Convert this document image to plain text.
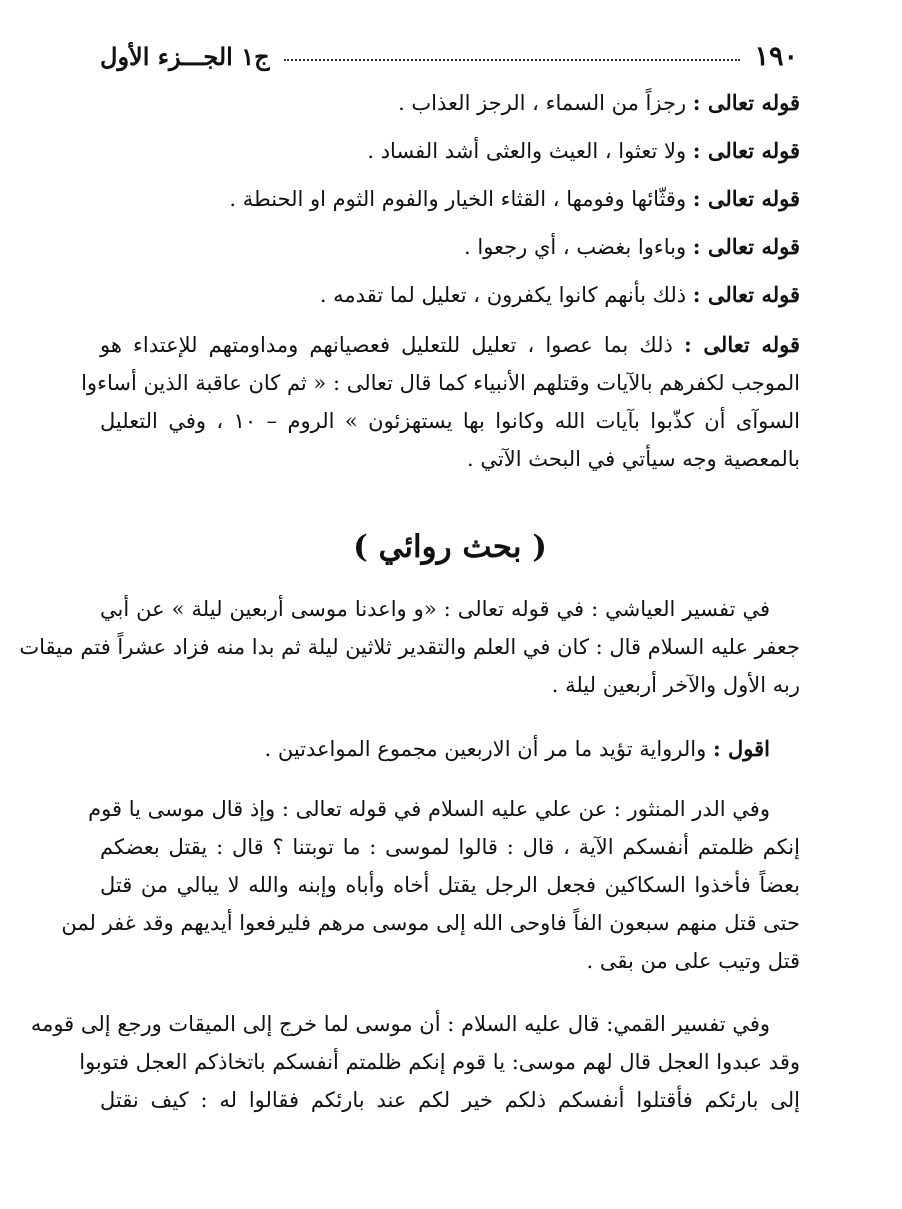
١٩٠
ج١ الجـــزء الأول
قوله تعالى : رجزاً من السماء ، الرجز العذاب .
قوله تعالى : ولا تعثوا ، العيث والعثى أشد الفساد .
قوله تعالى : وقثّائها وفومها ، القثاء الخيار والفوم الثوم او الحنطة .
قوله تعالى : وباءوا بغضب ، أي رجعوا .
قوله تعالى : ذلك بأنهم كانوا يكفرون ، تعليل لما تقدمه .
قوله تعالى : ذلك بما عصوا ، تعليل للتعليل فعصيانهم ومداومتهم للإعتداء هو
الموجب لكفرهم بالآيات وقتلهم الأنبياء كما قال تعالى : « ثم كان عاقبة الذين أساءوا
السوآى أن كذّبوا بآيات الله وكانوا بها يستهزئون » الروم – ١٠ ، وفي التعليل
بالمعصية وجه سيأتي في البحث الآتي .
( بحث روائي )
في تفسير العياشي : في قوله تعالى : «و واعدنا موسى أربعين ليلة » عن أبي
جعفر عليه السلام قال : كان في العلم والتقدير ثلاثين ليلة ثم بدا منه فزاد عشراً فتم ميقات
ربه الأول والآخر أربعين ليلة .
اقول : والرواية تؤيد ما مر أن الاربعين مجموع المواعدتين .
وفي الدر المنثور : عن علي عليه السلام في قوله تعالى : وإذ قال موسى يا قوم
إنكم ظلمتم أنفسكم الآية ، قال : قالوا لموسى : ما توبتنا ؟ قال : يقتل بعضكم
بعضاً فأخذوا السكاكين فجعل الرجل يقتل أخاه وأباه وإبنه والله لا يبالي من قتل
حتى قتل منهم سبعون الفاً فاوحى الله إلى موسى مرهم فليرفعوا أيديهم وقد غفر لمن
قتل وتيب على من بقى .
وفي تفسير القمي: قال عليه السلام : أن موسى لما خرج إلى الميقات ورجع إلى قومه
وقد عبدوا العجل قال لهم موسى: يا قوم إنكم ظلمتم أنفسكم باتخاذكم العجل فتوبوا
إلى بارئكم فأقتلوا أنفسكم ذلكم خير لكم عند بارئكم فقالوا له : كيف نقتل
